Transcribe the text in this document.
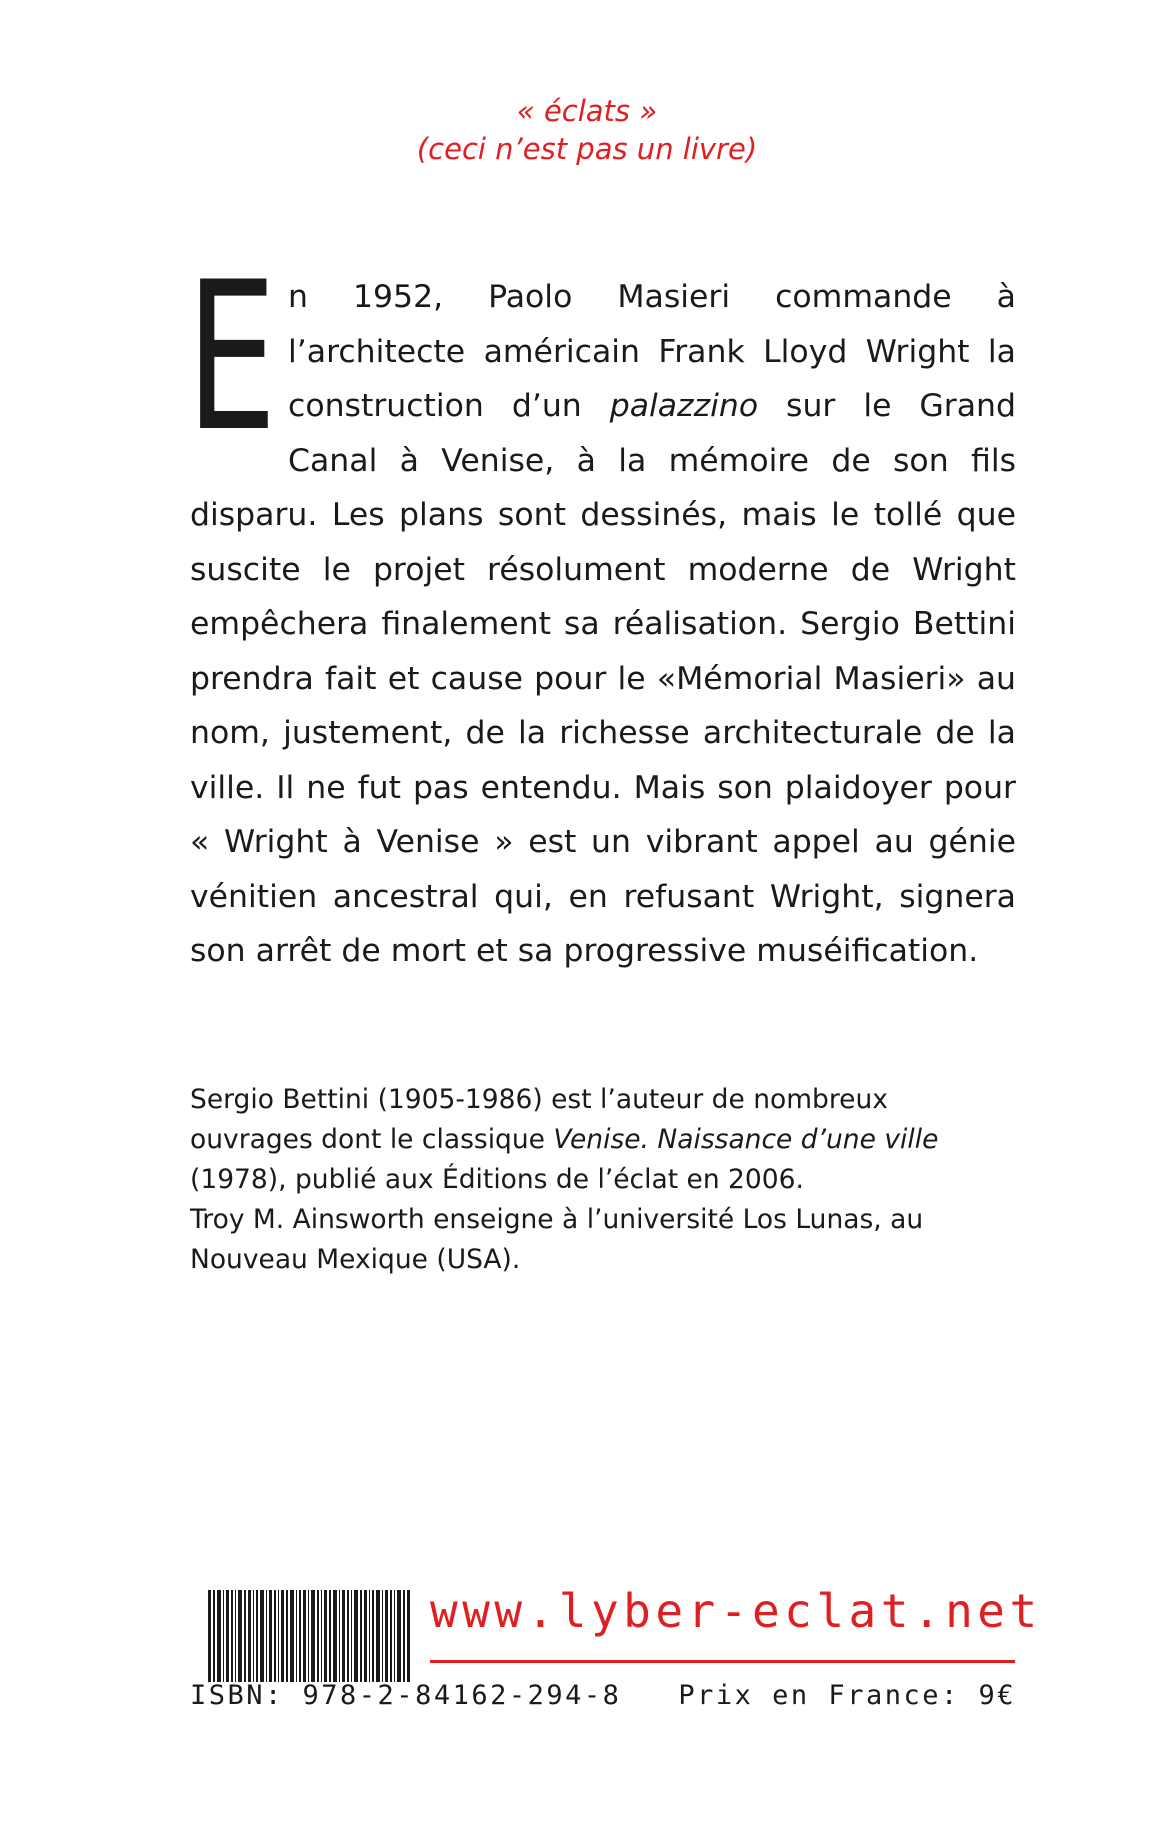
« éclats »
(ceci n’est pas un livre)
En 1952, Paolo Masieri commande à l’architecte américain Frank Lloyd Wright la construction d’un palazzino sur le Grand Canal à Venise, à la mémoire de son fils disparu. Les plans sont dessinés, mais le tollé que suscite le projet résolument moderne de Wright empêchera finalement sa réalisation. Sergio Bettini prendra fait et cause pour le «Mémorial Masieri» au nom, justement, de la richesse architecturale de la ville. Il ne fut pas entendu. Mais son plaidoyer pour « Wright à Venise » est un vibrant appel au génie vénitien ancestral qui, en refusant Wright, signera son arrêt de mort et sa progressive muséification.

Sergio Bettini (1905-1986) est l’auteur de nombreux ouvrages dont le classique Venise. Naissance d’une ville (1978), publié aux Éditions de l’éclat en 2006.

Troy M. Ainsworth enseigne à l’université Los Lunas, au Nouveau Mexique (USA).

www.lyber-eclat.net
ISBN: 978-2-84162-294-8 Prix en France: 9€
